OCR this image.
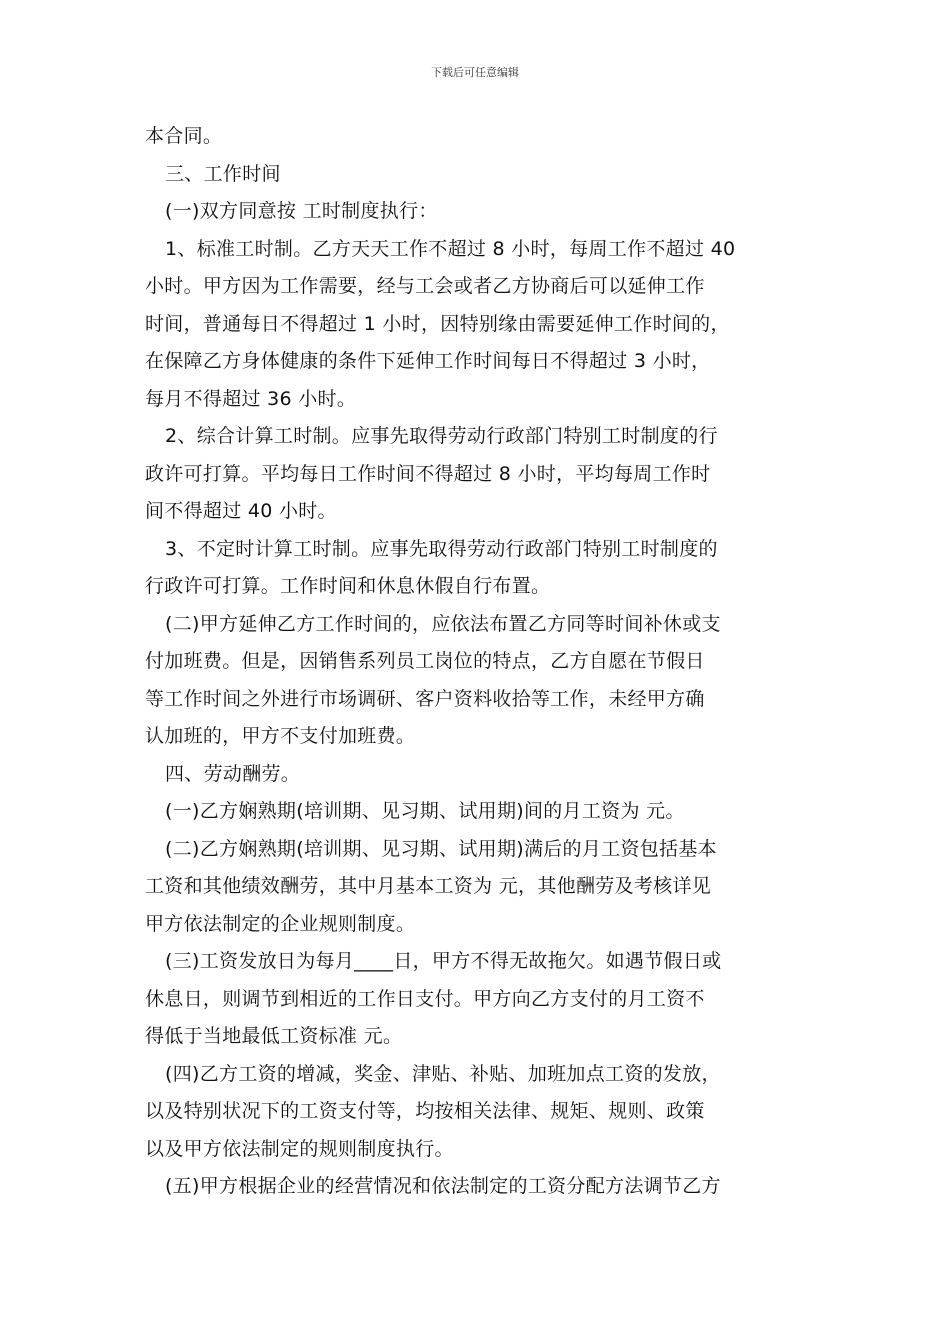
下载后可任意编辑
本合同。
三、工作时间
(一)双方同意按 工时制度执行：
1、标准工时制。乙方天天工作不超过 8 小时，每周工作不超过 40
小时。甲方因为工作需要，经与工会或者乙方协商后可以延伸工作
时间，普通每日不得超过 1 小时，因特别缘由需要延伸工作时间的，
在保障乙方身体健康的条件下延伸工作时间每日不得超过 3 小时，
每月不得超过 36 小时。
2、综合计算工时制。应事先取得劳动行政部门特别工时制度的行
政许可打算。平均每日工作时间不得超过 8 小时，平均每周工作时
间不得超过 40 小时。
3、不定时计算工时制。应事先取得劳动行政部门特别工时制度的
行政许可打算。工作时间和休息休假自行布置。
(二)甲方延伸乙方工作时间的，应依法布置乙方同等时间补休或支
付加班费。但是，因销售系列员工岗位的特点，乙方自愿在节假日
等工作时间之外进行市场调研、客户资料收拾等工作，未经甲方确
认加班的，甲方不支付加班费。
四、劳动酬劳。
(一)乙方娴熟期(培训期、见习期、试用期)间的月工资为 元。
(二)乙方娴熟期(培训期、见习期、试用期)满后的月工资包括基本
工资和其他绩效酬劳，其中月基本工资为 元，其他酬劳及考核详见
甲方依法制定的企业规则制度。
(三)工资发放日为每月____日，甲方不得无故拖欠。如遇节假日或
休息日，则调节到相近的工作日支付。甲方向乙方支付的月工资不
得低于当地最低工资标准 元。
(四)乙方工资的增减，奖金、津贴、补贴、加班加点工资的发放，
以及特别状况下的工资支付等，均按相关法律、规矩、规则、政策
以及甲方依法制定的规则制度执行。
(五)甲方根据企业的经营情况和依法制定的工资分配方法调节乙方
